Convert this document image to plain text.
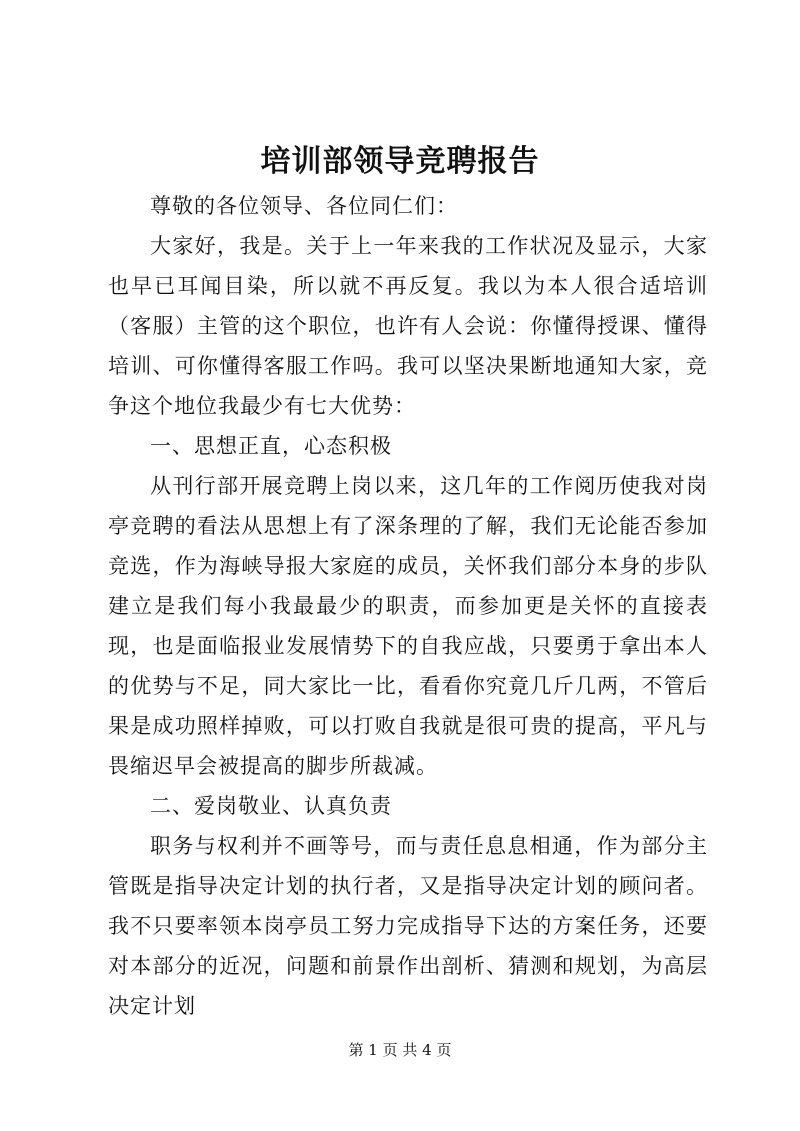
培训部领导竞聘报告

尊敬的各位领导、各位同仁们：

大家好，我是。关于上一年来我的工作状况及显示，大家也早已耳闻目染，所以就不再反复。我以为本人很合适培训（客服）主管的这个职位，也许有人会说：你懂得授课、懂得培训、可你懂得客服工作吗。我可以坚决果断地通知大家，竞争这个地位我最少有七大优势：

一、思想正直，心态积极

从刊行部开展竞聘上岗以来，这几年的工作阅历使我对岗亭竞聘的看法从思想上有了深条理的了解，我们无论能否参加竞选，作为海峡导报大家庭的成员，关怀我们部分本身的步队建立是我们每小我最最少的职责，而参加更是关怀的直接表现，也是面临报业发展情势下的自我应战，只要勇于拿出本人的优势与不足，同大家比一比，看看你究竟几斤几两，不管后果是成功照样掉败，可以打败自我就是很可贵的提高，平凡与畏缩迟早会被提高的脚步所裁减。

二、爱岗敬业、认真负责

职务与权利并不画等号，而与责任息息相通，作为部分主管既是指导决定计划的执行者，又是指导决定计划的顾问者。我不只要率领本岗亭员工努力完成指导下达的方案任务，还要对本部分的近况，问题和前景作出剖析、猜测和规划，为高层决定计划

第 1 页 共 4 页
